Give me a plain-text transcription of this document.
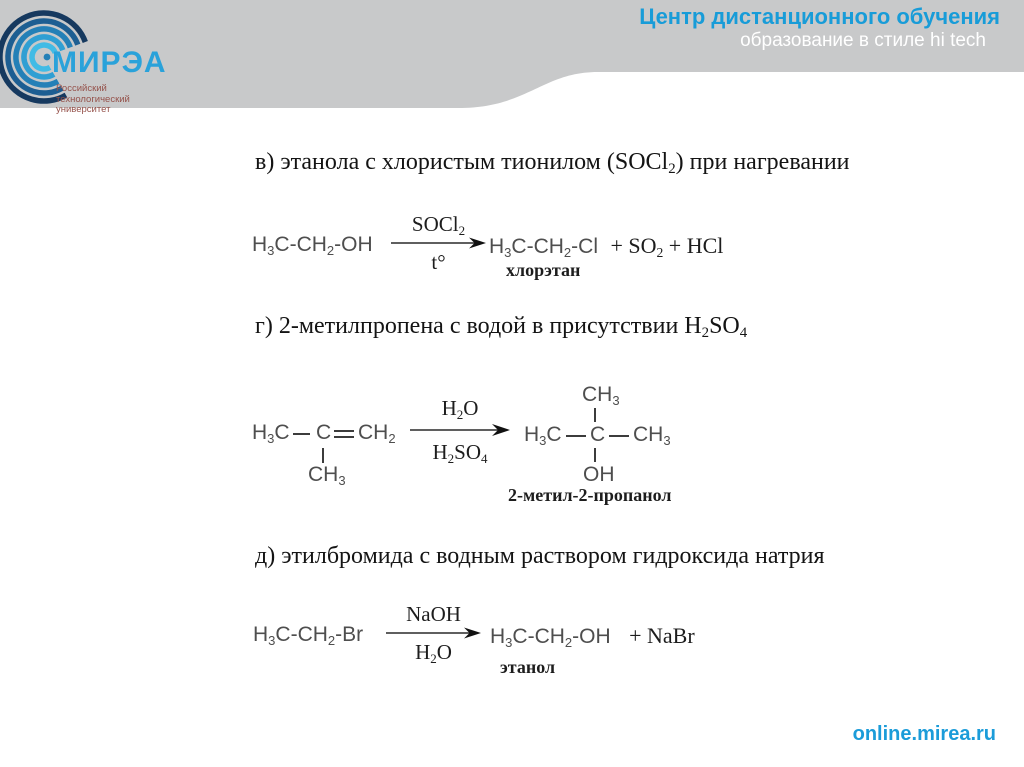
МИРЭА
Российский
технологический
университет
Центр дистанционного обучения
образование в стиле hi tech
в) этанола с хлористым тионилом (SOCl$_2$) при нагревании
$H_3C-CH_2-OH$
SOCl$_2$
t°
$H_3C-CH_2-Cl + SO_2$ + HCl
хлорэтан
г) 2-метилпропена с водой в присутствии $H_2SO_4$
$H_3C$ C $CH_2$
$CH_3$
$H_2O$
$H_2SO_4$
$CH_3$
$H_3C$ C $CH_3$
OH
2-метил-2-пропанол
д) этилбромида с водным раствором гидроксида натрия
$H_3C-CH_2-Br$
NaOH
$H_2O$
$H_3C-CH_2-OH$ + NaBr
этанол
online.mirea.ru
